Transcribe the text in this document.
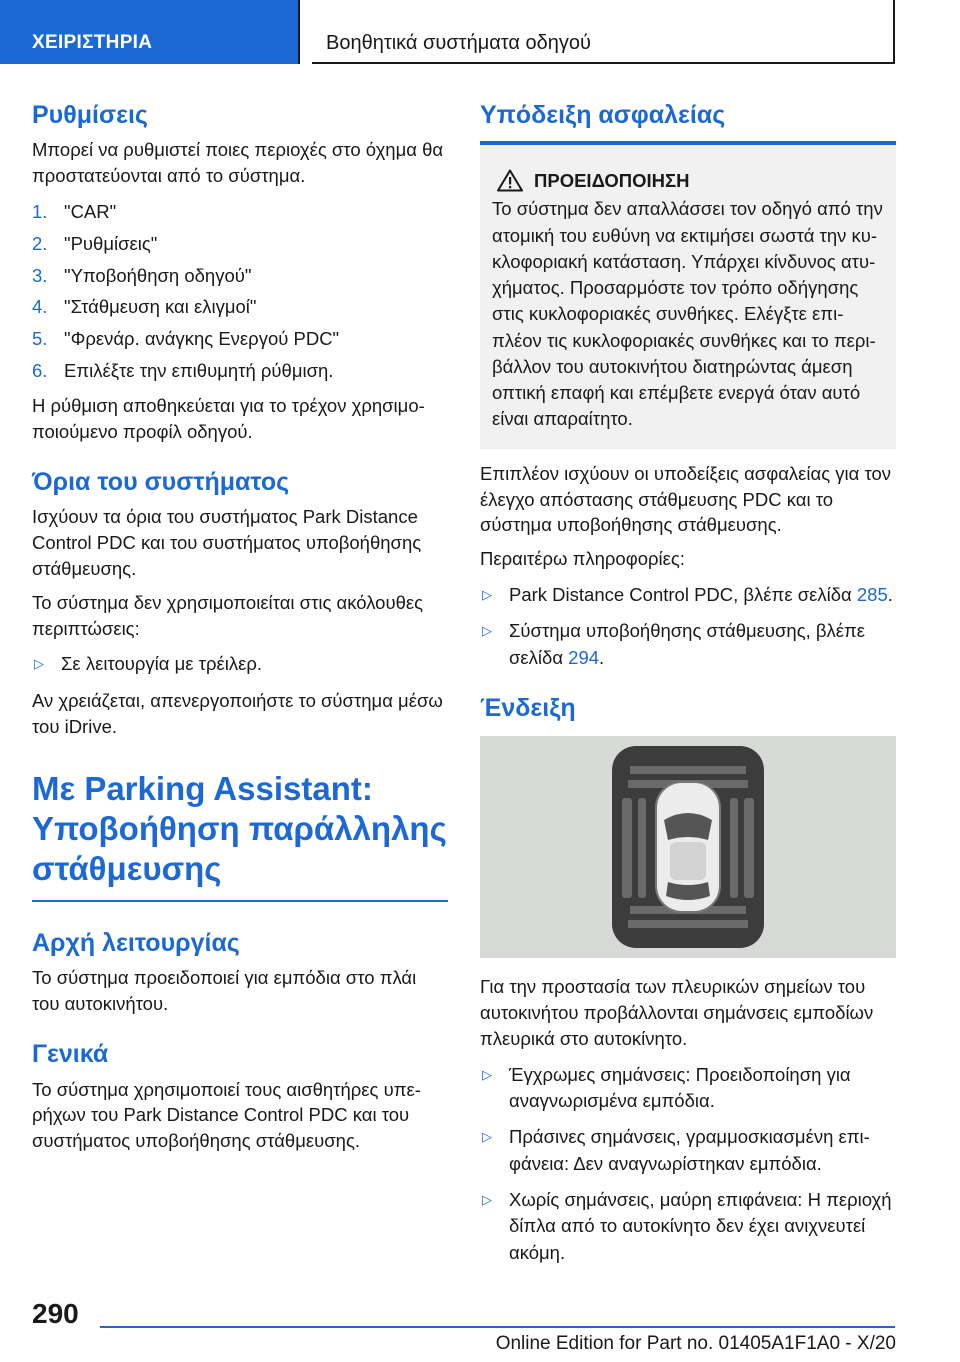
ΧΕΙΡΙΣΤΗΡΙΑ	Βοηθητικά συστήματα οδηγού
Ρυθμίσεις

Μπορεί να ρυθμιστεί ποιες περιοχές στο όχημα θα προστατεύονται από το σύστημα.

1. "CAR"
2. "Ρυθμίσεις"
3. "Υποβοήθηση οδηγού"
4. "Στάθμευση και ελιγμοί"
5. "Φρενάρ. ανάγκης Ενεργού PDC"
6. Επιλέξτε την επιθυμητή ρύθμιση.

Η ρύθμιση αποθηκεύεται για το τρέχον χρησιμοποιούμενο προφίλ οδηγού.

Όρια του συστήματος

Ισχύουν τα όρια του συστήματος Park Distance Control PDC και του συστήματος υποβοήθησης στάθμευσης.

Το σύστημα δεν χρησιμοποιείται στις ακόλουθες περιπτώσεις:

▷ Σε λειτουργία με τρέιλερ.

Αν χρειάζεται, απενεργοποιήστε το σύστημα μέσω του iDrive.

Με Parking Assistant: Υποβοήθηση παράλληλης στάθμευσης
Αρχή λειτουργίας

Το σύστημα προειδοποιεί για εμπόδια στο πλάι του αυτοκινήτου.

Γενικά

Το σύστημα χρησιμοποιεί τους αισθητήρες υπερήχων του Park Distance Control PDC και του συστήματος υποβοήθησης στάθμευσης.

Υπόδειξη ασφαλείας
ΠΡΟΕΙΔΟΠΟΙΗΣΗ
Το σύστημα δεν απαλλάσσει τον οδηγό από την ατομική του ευθύνη να εκτιμήσει σωστά την κυκλοφοριακή κατάσταση. Υπάρχει κίνδυνος ατυχήματος. Προσαρμόστε τον τρόπο οδήγησης στις κυκλοφοριακές συνθήκες. Ελέγξτε επιπλέον τις κυκλοφοριακές συνθήκες και το περιβάλλον του αυτοκινήτου διατηρώντας άμεση οπτική επαφή και επέμβετε ενεργά όταν αυτό είναι απαραίτητο.

Επιπλέον ισχύουν οι υποδείξεις ασφαλείας για τον έλεγχο απόστασης στάθμευσης PDC και το σύστημα υποβοήθησης στάθμευσης.

Περαιτέρω πληροφορίες:

▷ Park Distance Control PDC, βλέπε σελίδα 285.
▷ Σύστημα υποβοήθησης στάθμευσης, βλέπε σελίδα 294.
Ένδειξη

Για την προστασία των πλευρικών σημείων του αυτοκινήτου προβάλλονται σημάνσεις εμποδίων πλευρικά στο αυτοκίνητο.

▷ Έγχρωμες σημάνσεις: Προειδοποίηση για αναγνωρισμένα εμπόδια.
▷ Πράσινες σημάνσεις, γραμμοσκιασμένη επιφάνεια: Δεν αναγνωρίστηκαν εμπόδια.
▷ Χωρίς σημάνσεις, μαύρη επιφάνεια: Η περιοχή δίπλα από το αυτοκίνητο δεν έχει ανιχνευτεί ακόμη.
290
Online Edition for Part no. 01405A1F1A0 - X/20
